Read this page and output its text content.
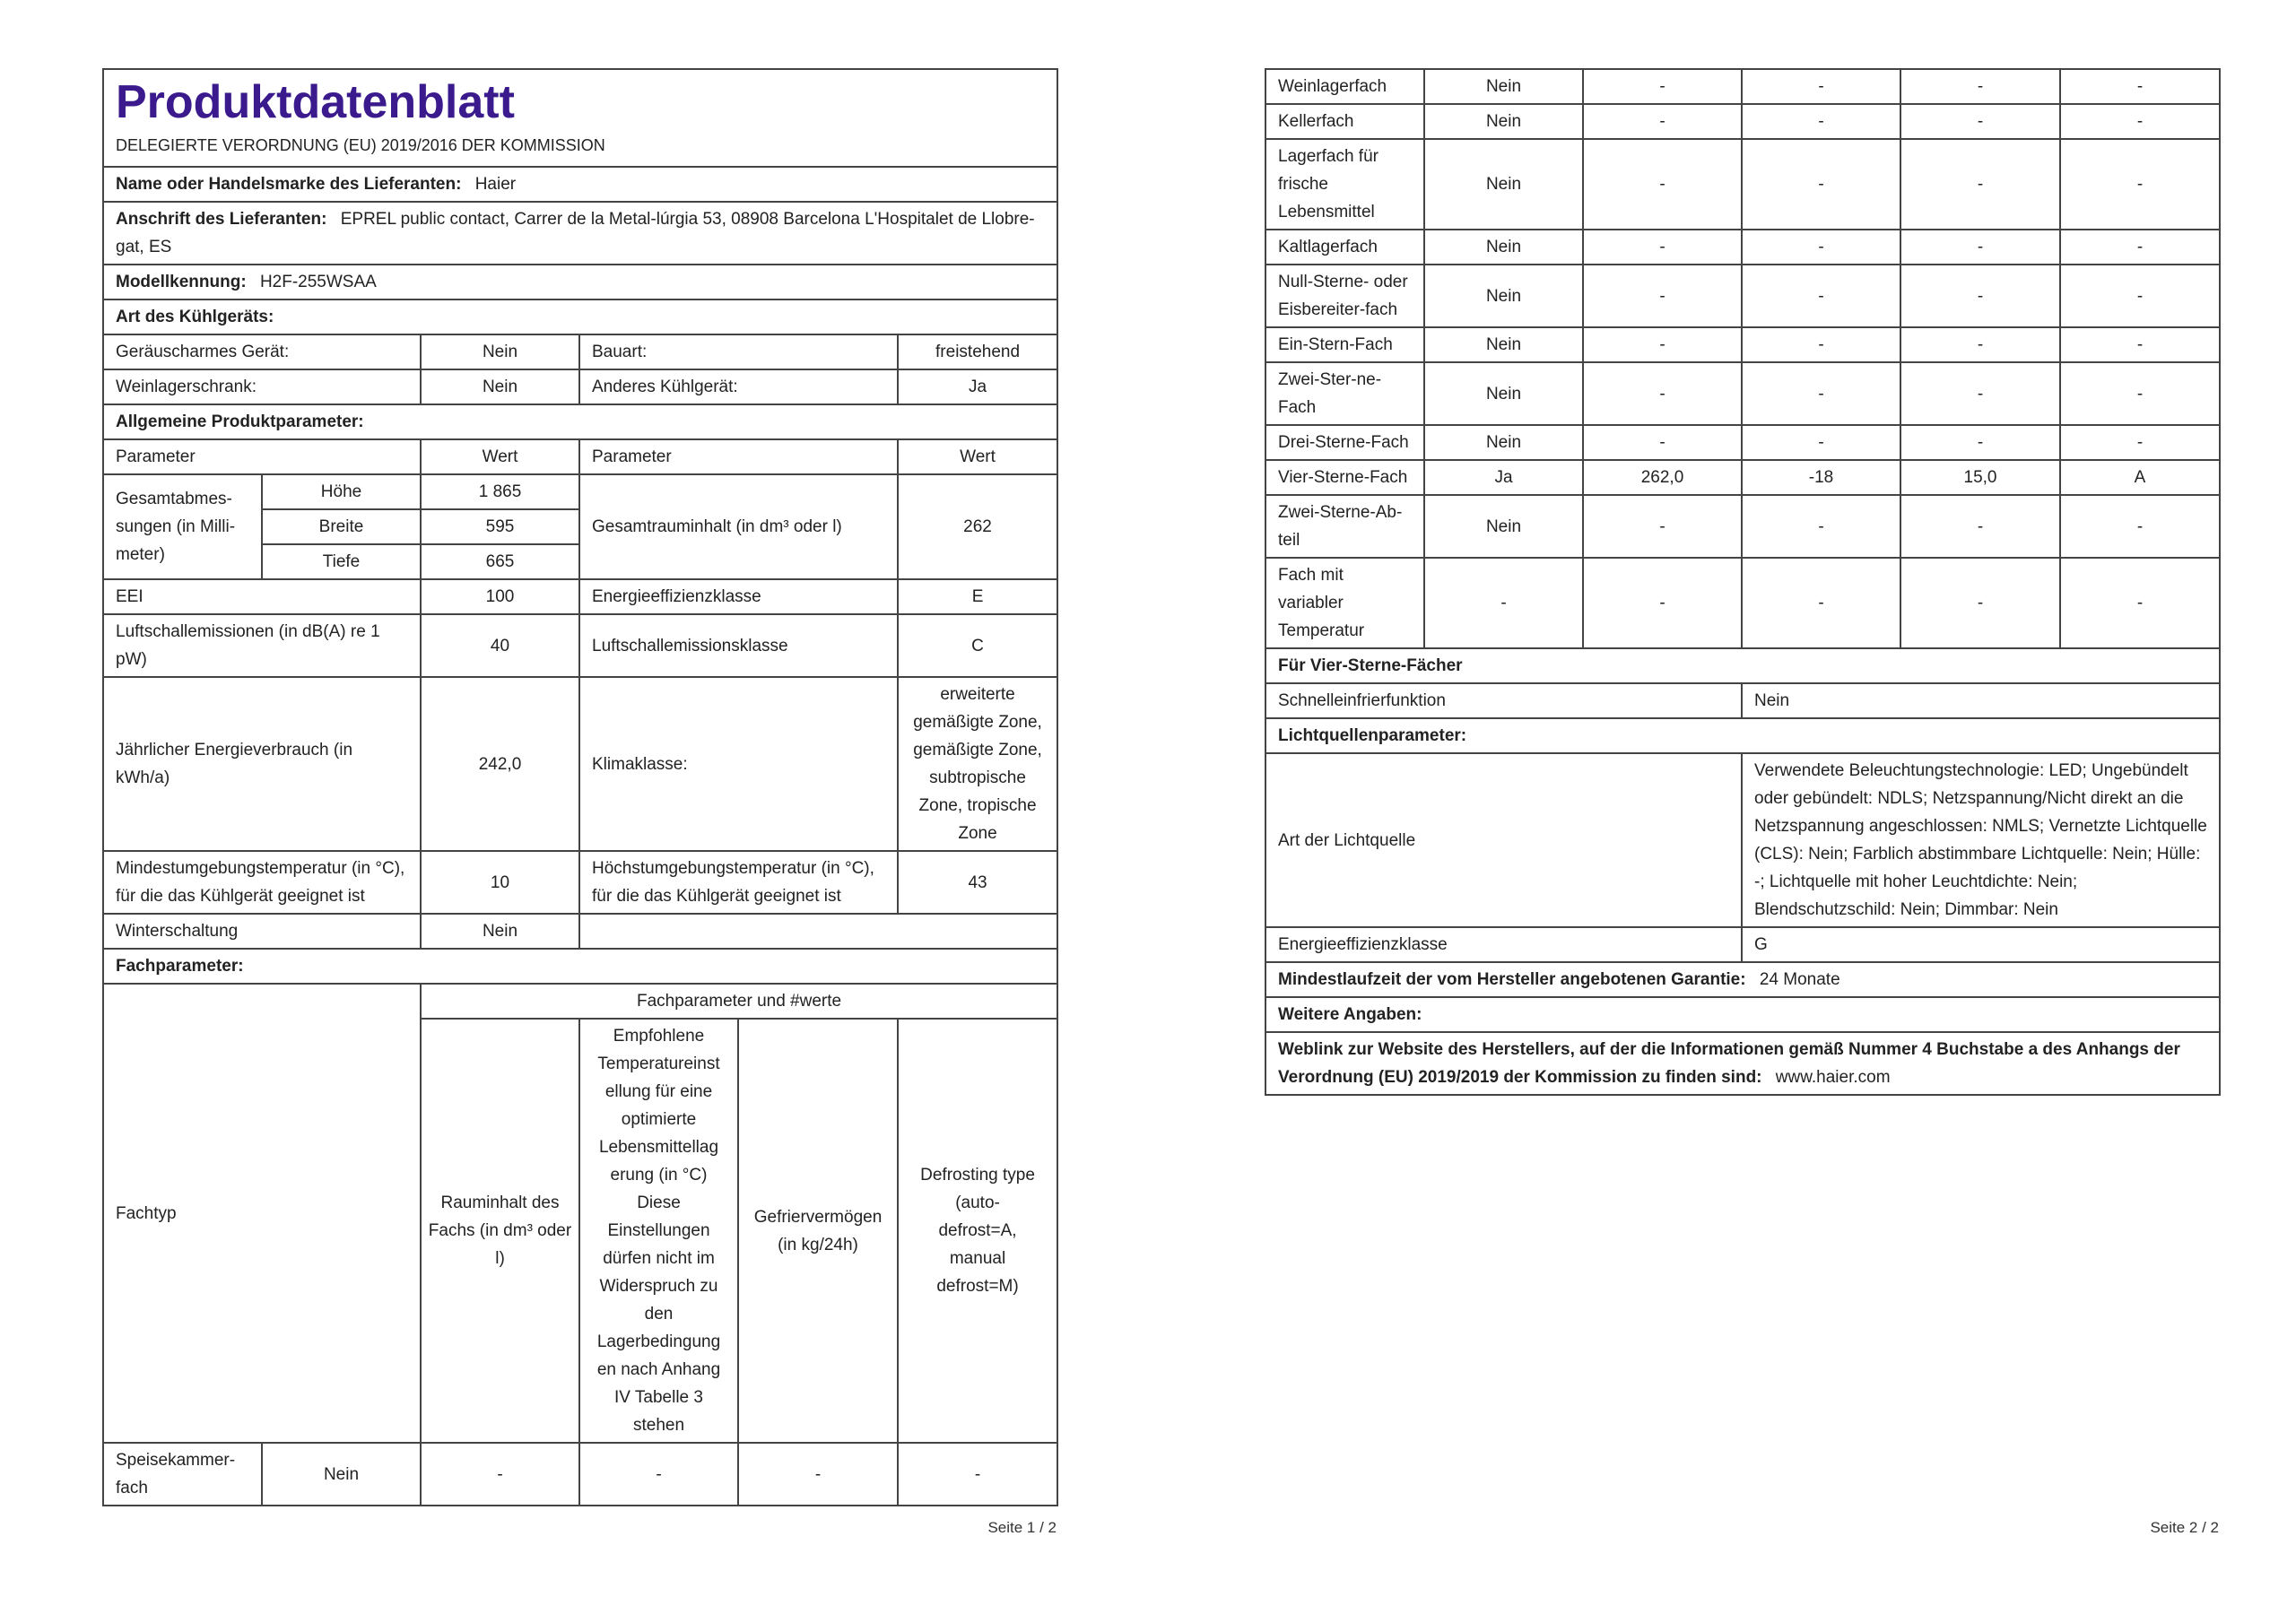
Produktdatenblatt
DELEGIERTE VERORDNUNG (EU) 2019/2016 DER KOMMISSION					

Name oder Handelsmarke des Lieferanten: Haier					
Anschrift des Lieferanten: EPREL public contact, Carrer de la Metal-lúrgia 53, 08908 Barcelona L'Hospitalet de Llobre-gat, ES					
Modellkennung: H2F-255WSAA					
Art des Kühlgeräts:					
Geräuscharmes Gerät:		Nein	Bauart:		freistehend
Weinlagerschrank:		Nein	Anderes Kühlgerät:		Ja
Allgemeine Produktparameter:					
Parameter		Wert	Parameter		Wert
Gesamtabmes-sungen (in Milli-meter)	Höhe	1 865	Gesamtrauminhalt (in dm³ oder l)		262
	Breite	595			
	Tiefe	665			
EEI		100	Energieeffizienzklasse		E
Luftschallemissionen (in dB(A) re 1 pW)		40	Luftschallemissionsklasse		C
Jährlicher Energieverbrauch (in kWh/a)		242,0	Klimaklasse:		erweiterte gemäßigte Zone, gemäßigte Zone, subtropische Zone, tropische Zone
Mindestumgebungstemperatur (in °C), für die das Kühlgerät geeignet ist		10	Höchstumgebungstemperatur (in °C), für die das Kühlgerät geeignet ist		43
Winterschaltung		Nein			
Fachparameter:					
Fachtyp		Fachparameter und #werte			
		Rauminhalt des Fachs (in dm³ oder l)	Empfohlene Temperatureinstellung für eine optimierte Lebensmittellagerung (in °C) Diese Einstellungen dürfen nicht im Widerspruch zu den Lagerbedingungen nach Anhang IV Tabelle 3 stehen	Gefriervermögen (in kg/24h)	Defrosting type (auto-defrost=A, manual defrost=M)
Speisekammer-fach	Nein	-	-	-	-
Seite 1 / 2
Weinlagerfach	Nein	-	-	-	-
Kellerfach	Nein	-	-	-	-
Lagerfach für frische Lebensmittel	Nein	-	-	-	-
Kaltlagerfach	Nein	-	-	-	-
Null-Sterne- oder Eisbereiter-fach	Nein	-	-	-	-
Ein-Stern-Fach	Nein	-	-	-	-
Zwei-Ster-ne-Fach	Nein	-	-	-	-
Drei-Sterne-Fach	Nein	-	-	-	-
Vier-Sterne-Fach	Ja	262,0	-18	15,0	A
Zwei-Sterne-Ab-teil	Nein	-	-	-	-
Fach mit variabler Temperatur	-	-	-	-	-
Für Vier-Sterne-Fächer					
Schnelleinfrierfunktion			Nein		
Lichtquellenparameter:					
Art der Lichtquelle			Verwendete Beleuchtungstechnologie: LED; Ungebündelt oder gebündelt: NDLS; Netzspannung/Nicht direkt an die Netzspannung angeschlossen: NMLS; Vernetzte Lichtquelle (CLS): Nein; Farblich abstimmbare Lichtquelle: Nein; Hülle: -; Lichtquelle mit hoher Leuchtdichte: Nein; Blendschutzschild: Nein; Dimmbar: Nein		
Energieeffizienzklasse			G		
Mindestlaufzeit der vom Hersteller angebotenen Garantie: 24 Monate					
Weitere Angaben:					
Weblink zur Website des Herstellers, auf der die Informationen gemäß Nummer 4 Buchstabe a des Anhangs der Verordnung (EU) 2019/2019 der Kommission zu finden sind: www.haier.com					
Seite 2 / 2
